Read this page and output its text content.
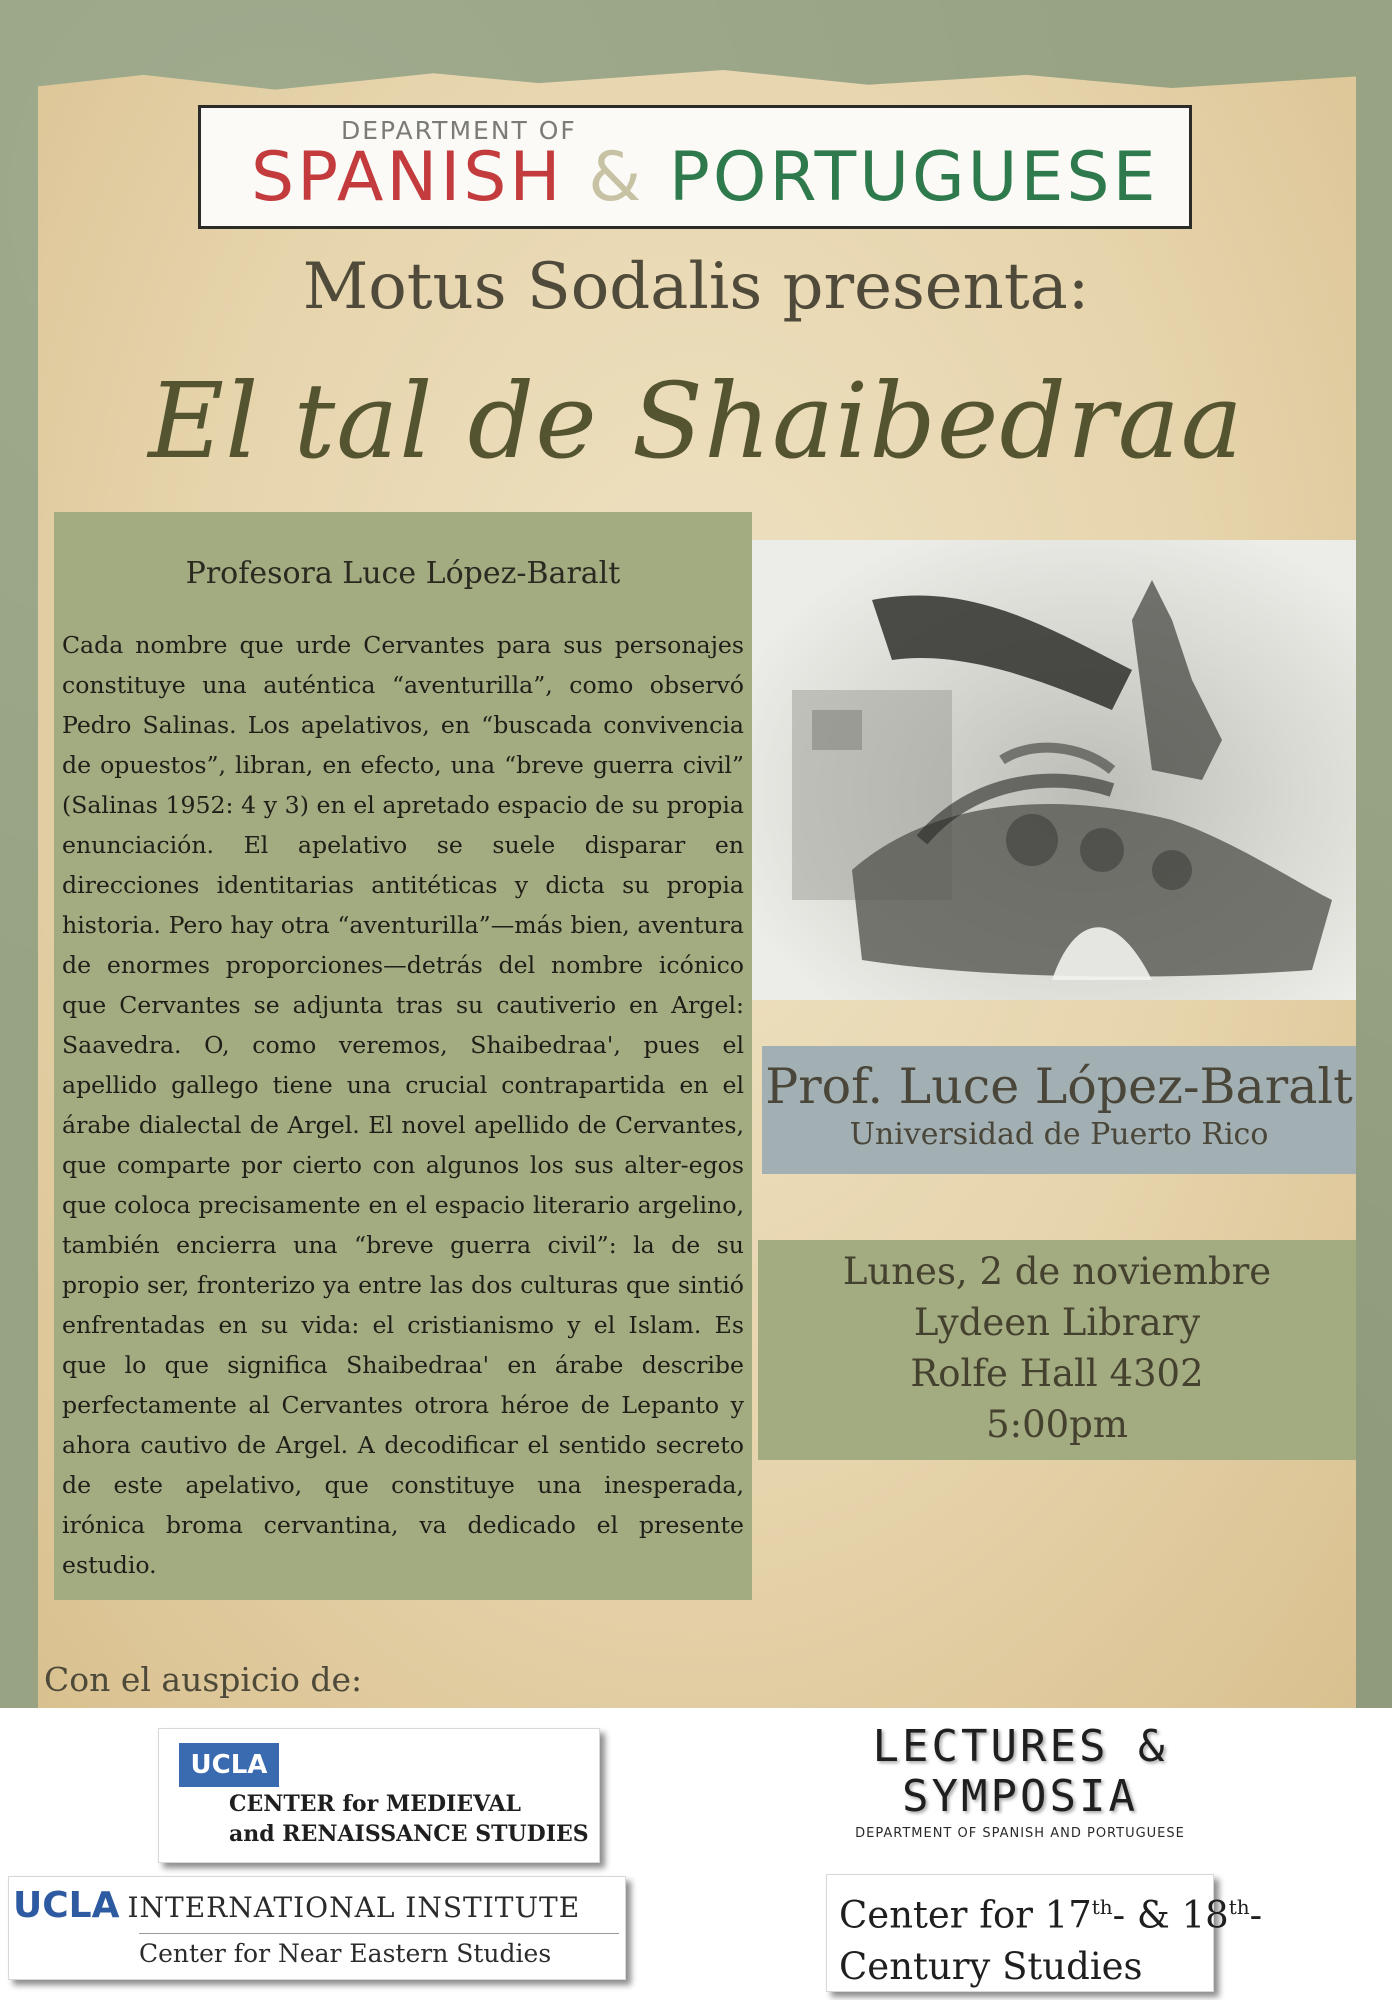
DEPARTMENT OF
SPANISH & PORTUGUESE
Motus Sodalis presenta:
El tal de Shaibedraa
Profesora Luce López-Baralt
Cada nombre que urde Cervantes para sus personajes constituye una auténtica “aventurilla”, como observó Pedro Salinas. Los apelativos, en “buscada convivencia de opuestos”, libran, en efecto, una “breve guerra civil” (Salinas 1952: 4 y 3) en el apretado espacio de su propia enunciación. El apelativo se suele disparar en direcciones identitarias antitéticas y dicta su propia historia. Pero hay otra “aventurilla”—más bien, aventura de enormes proporciones—detrás del nombre icónico que Cervantes se adjunta tras su cautiverio en Argel: Saavedra. O, como veremos, Shaibedraa', pues el apellido gallego tiene una crucial contrapartida en el árabe dialectal de Argel. El novel apellido de Cervantes, que comparte por cierto con algunos los sus alter-egos que coloca precisamente en el espacio literario argelino, también encierra una “breve guerra civil”: la de su propio ser, fronterizo ya entre las dos culturas que sintió enfrentadas en su vida: el cristianismo y el Islam. Es que lo que significa Shaibedraa' en árabe describe perfectamente al Cervantes otrora héroe de Lepanto y ahora cautivo de Argel. A decodificar el sentido secreto de este apelativo, que constituye una inesperada, irónica broma cervantina, va dedicado el presente estudio.
Prof. Luce López-Baralt
Universidad de Puerto Rico
Lunes, 2 de noviembre
Lydeen Library
Rolfe Hall 4302
5:00pm
Con el auspicio de:
UCLA
CENTER for MEDIEVAL
and RENAISSANCE STUDIES
UCLA INTERNATIONAL INSTITUTE
Center for Near Eastern Studies
LECTURES &
SYMPOSIA
DEPARTMENT OF SPANISH AND PORTUGUESE
Center for 17th- & 18th-
Century Studies
